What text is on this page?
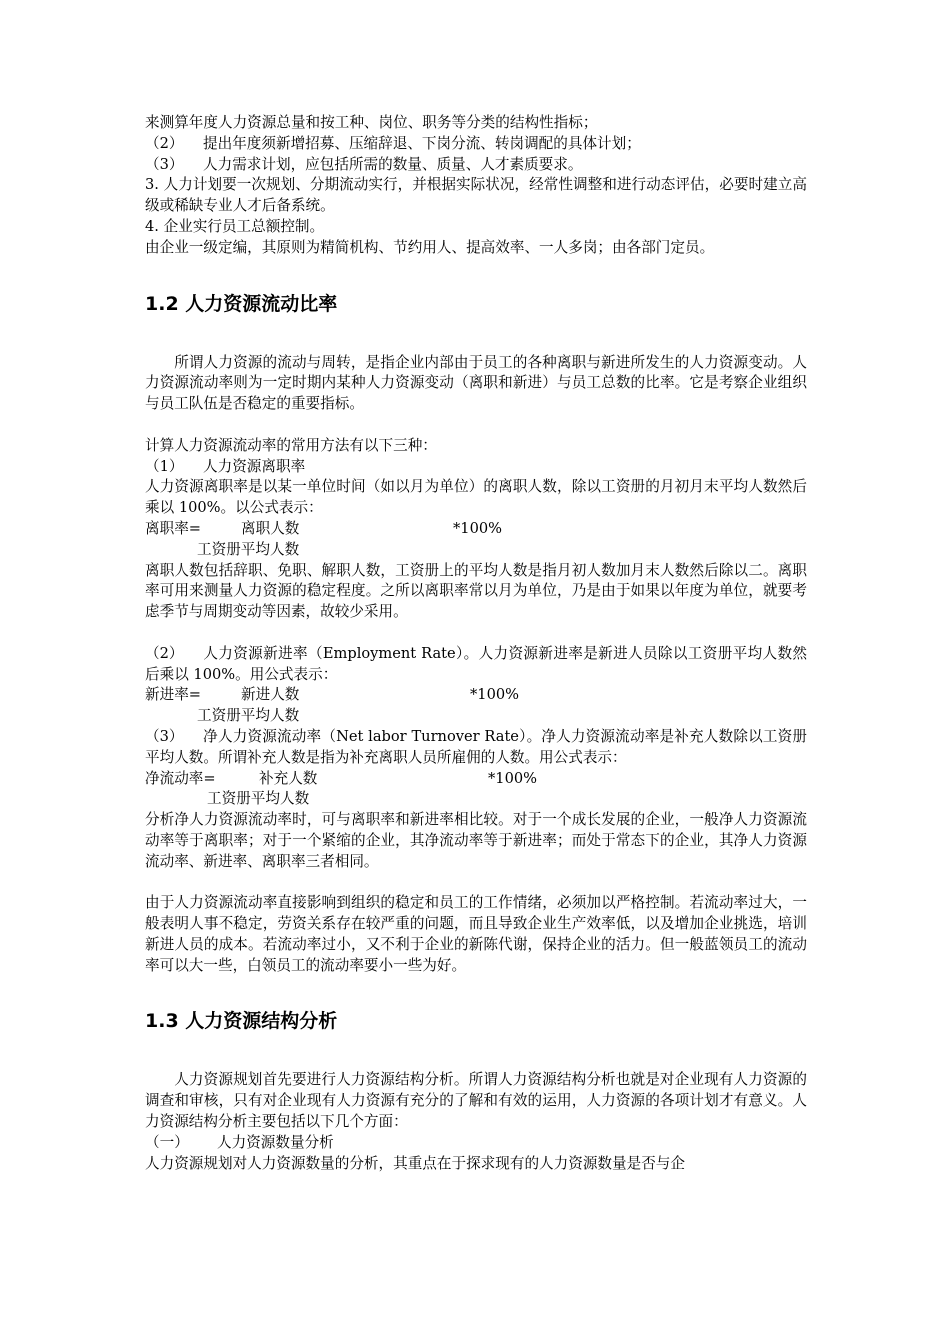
来测算年度人力资源总量和按工种、岗位、职务等分类的结构性指标；

（2） 提出年度须新增招募、压缩辞退、下岗分流、转岗调配的具体计划；

（3） 人力需求计划，应包括所需的数量、质量、人才素质要求。

3. 人力计划要一次规划、分期流动实行，并根据实际状况，经常性调整和进行动态评估，必要时建立高级或稀缺专业人才后备系统。

4. 企业实行员工总额控制。

由企业一级定编，其原则为精简机构、节约用人、提高效率、一人多岗；由各部门定员。

1.2 人力资源流动比率

所谓人力资源的流动与周转，是指企业内部由于员工的各种离职与新进所发生的人力资源变动。人力资源流动率则为一定时期内某种人力资源变动（离职和新进）与员工总数的比率。它是考察企业组织与员工队伍是否稳定的重要指标。

计算人力资源流动率的常用方法有以下三种：

（1） 人力资源离职率

人力资源离职率是以某一单位时间（如以月为单位）的离职人数，除以工资册的月初月末平均人数然后乘以 100%。以公式表示：

离职率=	离职人数	*100%
工资册平均人数

离职人数包括辞职、免职、解职人数，工资册上的平均人数是指月初人数加月末人数然后除以二。离职率可用来测量人力资源的稳定程度。之所以离职率常以月为单位，乃是由于如果以年度为单位，就要考虑季节与周期变动等因素，故较少采用。

（2） 人力资源新进率（Employment Rate）。人力资源新进率是新进人员除以工资册平均人数然后乘以 100%。用公式表示：

新进率=	新进人数	*100%
工资册平均人数

（3） 净人力资源流动率（Net labor Turnover Rate）。净人力资源流动率是补充人数除以工资册平均人数。所谓补充人数是指为补充离职人员所雇佣的人数。用公式表示：

净流动率=	补充人数	*100%
工资册平均人数

分析净人力资源流动率时，可与离职率和新进率相比较。对于一个成长发展的企业，一般净人力资源流动率等于离职率；对于一个紧缩的企业，其净流动率等于新进率；而处于常态下的企业，其净人力资源流动率、新进率、离职率三者相同。

由于人力资源流动率直接影响到组织的稳定和员工的工作情绪，必须加以严格控制。若流动率过大，一般表明人事不稳定，劳资关系存在较严重的问题，而且导致企业生产效率低，以及增加企业挑选，培训新进人员的成本。若流动率过小，又不利于企业的新陈代谢，保持企业的活力。但一般蓝领员工的流动率可以大一些，白领员工的流动率要小一些为好。

1.3 人力资源结构分析

人力资源规划首先要进行人力资源结构分析。所谓人力资源结构分析也就是对企业现有人力资源的调查和审核，只有对企业现有人力资源有充分的了解和有效的运用，人力资源的各项计划才有意义。人力资源结构分析主要包括以下几个方面：

（一） 人力资源数量分析

人力资源规划对人力资源数量的分析，其重点在于探求现有的人力资源数量是否与企
